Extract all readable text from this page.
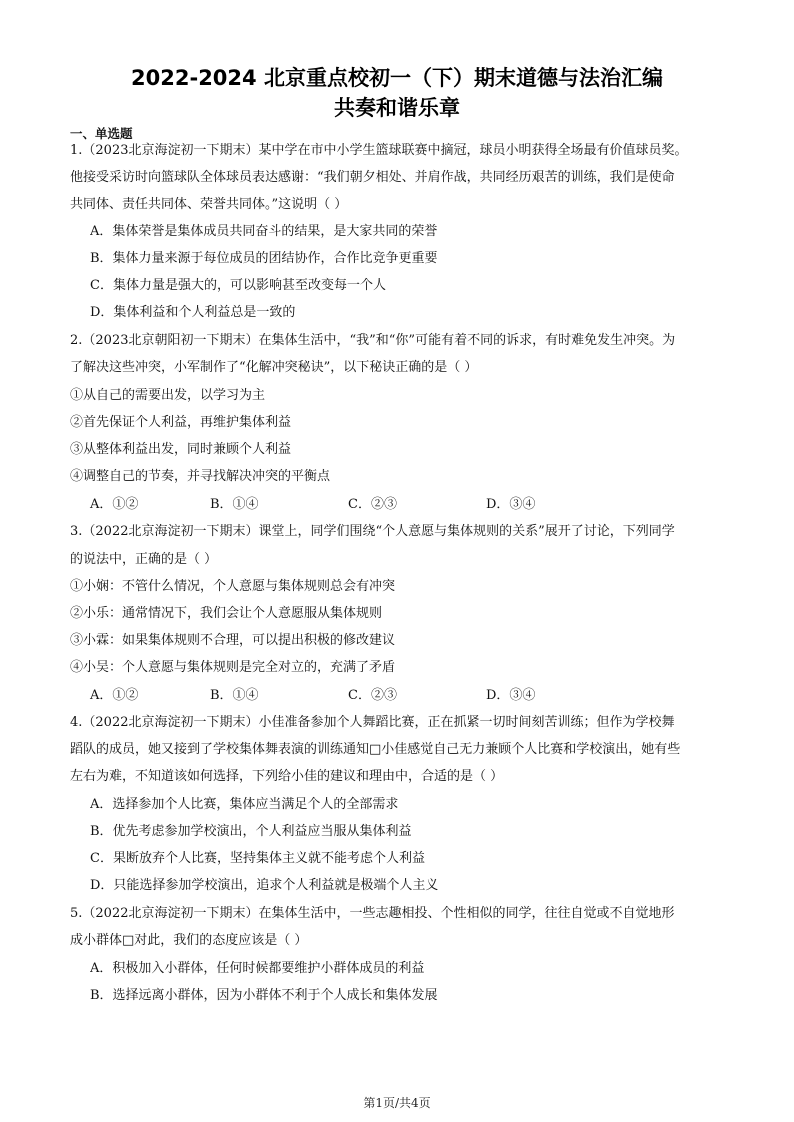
2022-2024 北京重点校初一（下）期末道德与法治汇编
共奏和谐乐章
一、单选题
1.（2023北京海淀初一下期末）某中学在市中小学生篮球联赛中摘冠，球员小明获得全场最有价值球员奖。
他接受采访时向篮球队全体球员表达感谢：“我们朝夕相处、并肩作战，共同经历艰苦的训练，我们是使命
共同体、责任共同体、荣誉共同体。”这说明（ ）
A．集体荣誉是集体成员共同奋斗的结果，是大家共同的荣誉
B．集体力量来源于每位成员的团结协作，合作比竞争更重要
C．集体力量是强大的，可以影响甚至改变每一个人
D．集体利益和个人利益总是一致的
2.（2023北京朝阳初一下期末）在集体生活中，“我”和“你”可能有着不同的诉求，有时难免发生冲突。为
了解决这些冲突，小军制作了“化解冲突秘诀”，以下秘诀正确的是（ ）
①从自己的需要出发，以学习为主
②首先保证个人利益，再维护集体利益
③从整体利益出发，同时兼顾个人利益
④调整自己的节奏，并寻找解决冲突的平衡点
A．①②	B．①④	C．②③	D．③④
3.（2022北京海淀初一下期末）课堂上，同学们围绕“个人意愿与集体规则的关系”展开了讨论，下列同学
的说法中，正确的是（ ）
①小娴：不管什么情况，个人意愿与集体规则总会有冲突
②小乐：通常情况下，我们会让个人意愿服从集体规则
③小霖：如果集体规则不合理，可以提出积极的修改建议
④小吴：个人意愿与集体规则是完全对立的，充满了矛盾
A．①②	B．①④	C．②③	D．③④
4.（2022北京海淀初一下期末）小佳准备参加个人舞蹈比赛，正在抓紧一切时间刻苦训练；但作为学校舞
蹈队的成员，她又接到了学校集体舞表演的训练通知□小佳感觉自己无力兼顾个人比赛和学校演出，她有些
左右为难，不知道该如何选择，下列给小佳的建议和理由中，合适的是（ ）
A．选择参加个人比赛，集体应当满足个人的全部需求
B．优先考虑参加学校演出，个人利益应当服从集体利益
C．果断放弃个人比赛，坚持集体主义就不能考虑个人利益
D．只能选择参加学校演出，追求个人利益就是极端个人主义
5.（2022北京海淀初一下期末）在集体生活中，一些志趣相投、个性相似的同学，往往自觉或不自觉地形
成小群体□对此，我们的态度应该是（ ）
A．积极加入小群体，任何时候都要维护小群体成员的利益
B．选择远离小群体，因为小群体不利于个人成长和集体发展
第1页/共4页
